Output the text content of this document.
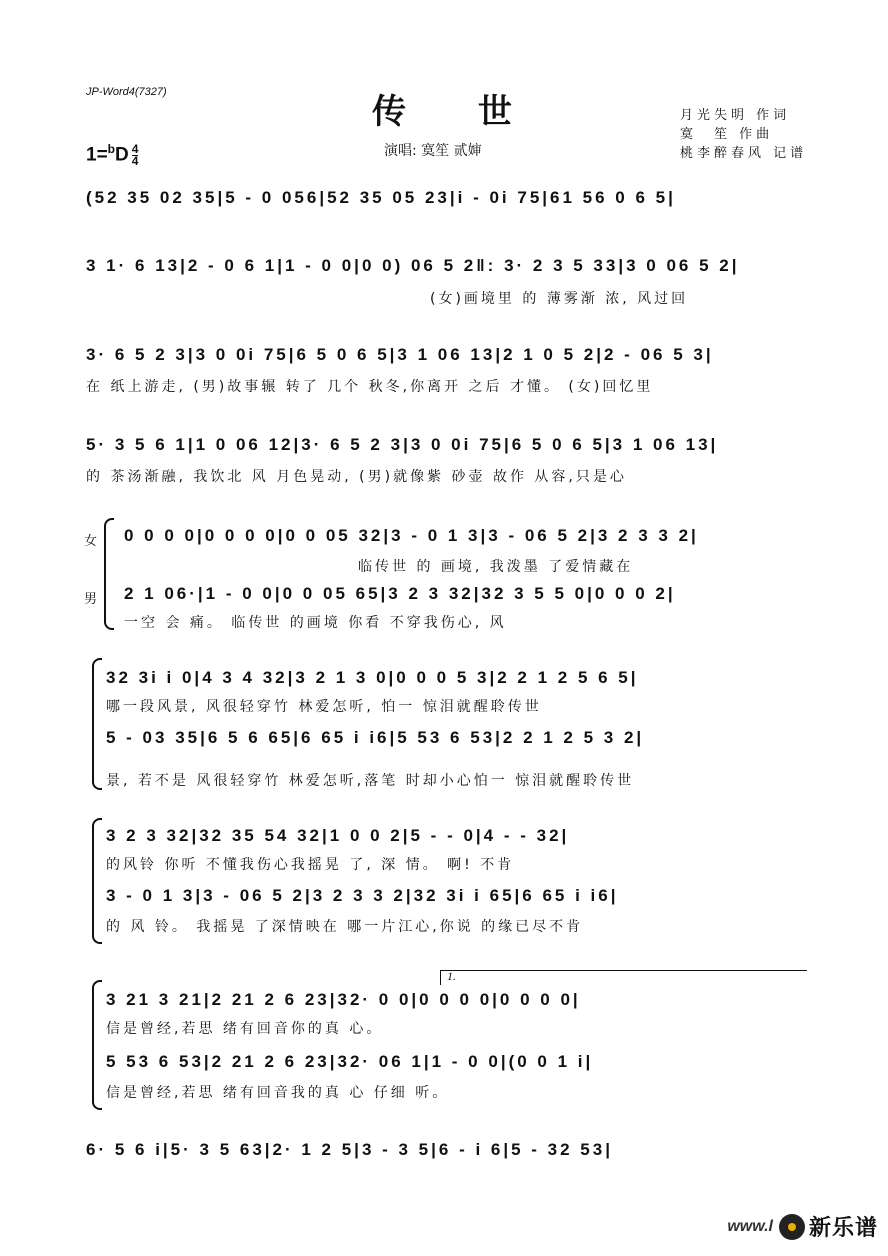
JP-Word4(7327)	传 世
$1=^bD \frac{4}{4}$	演唱: 寞笙 贰婶
月光失明 作词
寞　笙 作曲
桃李醉春风 记谱
(52 35 02 35|5 - 0 056|52 35 05 23|i - 0i 75|61 56 0 6 5|
3 1· 6 13|2 - 0 6 1|1 - 0 0|0 0) 06 5 2‖: 3· 2 3 5 33|3 0 06 5 2|
(女)画境里 的 薄雾渐 浓, 风过回
3· 6 5 2 3|3 0 0i 75|6 5 0 6 5|3 1 06 13|2 1 0 5 2|2 - 06 5 3|
在 纸上游走, (男)故事辗 转了 几个 秋冬,你离开 之后 才懂。 (女)回忆里
5· 3 5 6 1|1 0 06 12|3· 6 5 2 3|3 0 0i 75|6 5 0 6 5|3 1 06 13|
的 茶汤渐融, 我饮北 风 月色晃动, (男)就像紫 砂壶 故作 从容,只是心
女
男
0 0 0 0|0 0 0 0|0 0 05 32|3 - 0 1 3|3 - 06 5 2|3 2 3 3 2|
临传世 的 画境, 我泼墨 了爱情藏在
2 1 06·|1 - 0 0|0 0 05 65|3 2 3 32|32 3 5 5 0|0 0 0 2|
一空 会 痛。 临传世 的画境 你看 不穿我伤心, 风
32 3i i 0|4 3 4 32|3 2 1 3 0|0 0 0 5 3|2 2 1 2 5 6 5|
哪一段风景, 风很轻穿竹 林爱怎听, 怕一 惊泪就醒聆传世
5 - 03 35|6 5 6 65|6 65 i i6|5 53 6 53|2 2 1 2 5 3 2|
景, 若不是 风很轻穿竹 林爱怎听,落笔 时却小心怕一 惊泪就醒聆传世
3 2 3 32|32 35 54 32|1 0 0 2|5 - - 0|4 - - 32|
的风铃 你听 不懂我伤心我摇晃 了, 深 情。 啊! 不肯
3 - 0 1 3|3 - 06 5 2|3 2 3 3 2|32 3i i 65|6 65 i i6|
的 风 铃。 我摇晃 了深情映在 哪一片江心,你说 的缘已尽不肯
1.
3 21 3 21|2 21 2 6 23|32· 0 0|0 0 0 0|0 0 0 0|
信是曾经,若思 绪有回音你的真 心。
5 53 6 53|2 21 2 6 23|32· 06 1|1 - 0 0|(0 0 1 i|
信是曾经,若思 绪有回音我的真 心 仔细 听。
6· 5 6 i|5· 3 5 63|2· 1 2 5|3 - 3 5|6 - i 6|5 - 32 53|
www.l 新乐谱
